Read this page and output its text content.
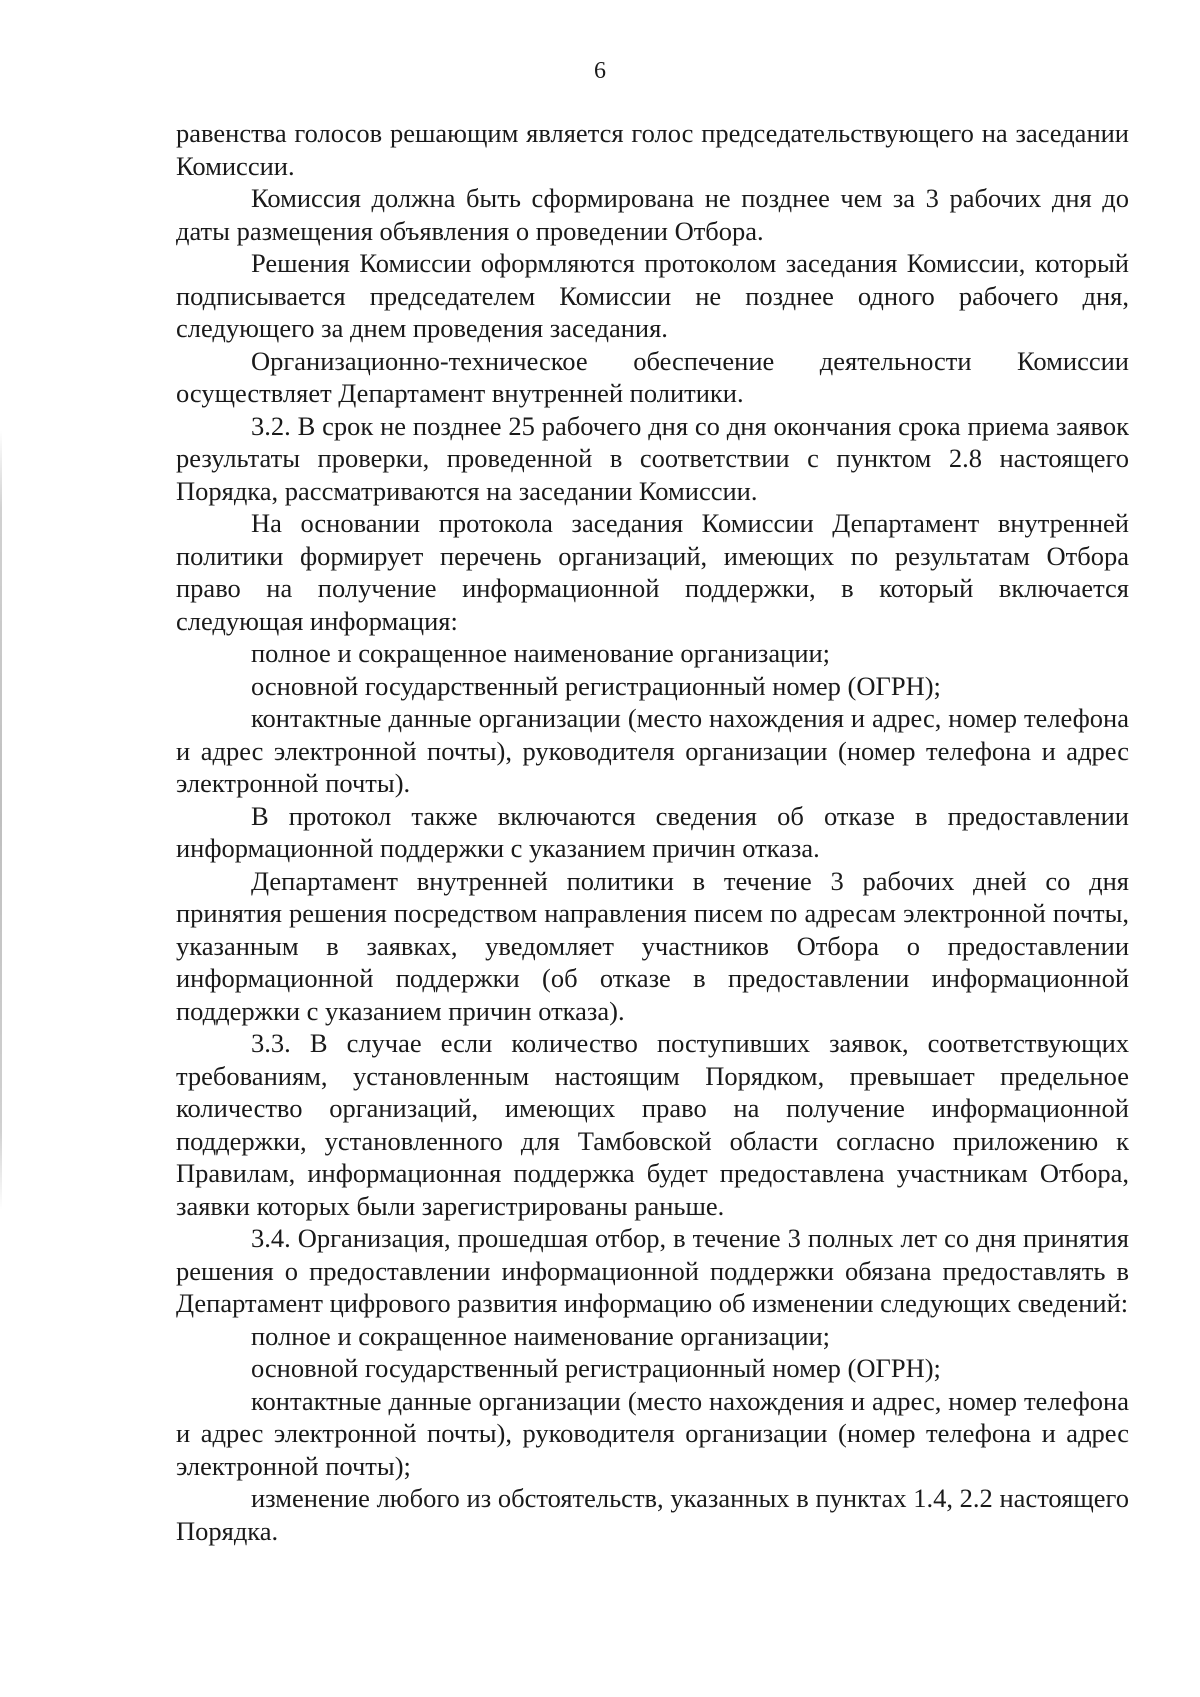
6

равенства голосов решающим является голос председательствующего на заседании Комиссии.

Комиссия должна быть сформирована не позднее чем за 3 рабочих дня до даты размещения объявления о проведении Отбора.

Решения Комиссии оформляются протоколом заседания Комиссии, который подписывается председателем Комиссии не позднее одного рабочего дня, следующего за днем проведения заседания.

Организационно-техническое обеспечение деятельности Комиссии осуществляет Департамент внутренней политики.

3.2. В срок не позднее 25 рабочего дня со дня окончания срока приема заявок результаты проверки, проведенной в соответствии с пунктом 2.8 настоящего Порядка, рассматриваются на заседании Комиссии.

На основании протокола заседания Комиссии Департамент внутренней политики формирует перечень организаций, имеющих по результатам Отбора право на получение информационной поддержки, в который включается следующая информация:

полное и сокращенное наименование организации;

основной государственный регистрационный номер (ОГРН);

контактные данные организации (место нахождения и адрес, номер телефона и адрес электронной почты), руководителя организации (номер телефона и адрес электронной почты).

В протокол также включаются сведения об отказе в предоставлении информационной поддержки с указанием причин отказа.

Департамент внутренней политики в течение 3 рабочих дней со дня принятия решения посредством направления писем по адресам электронной почты, указанным в заявках, уведомляет участников Отбора о предоставлении информационной поддержки (об отказе в предоставлении информационной поддержки с указанием причин отказа).

3.3. В случае если количество поступивших заявок, соответствующих требованиям, установленным настоящим Порядком, превышает предельное количество организаций, имеющих право на получение информационной поддержки, установленного для Тамбовской области согласно приложению к Правилам, информационная поддержка будет предоставлена участникам Отбора, заявки которых были зарегистрированы раньше.

3.4. Организация, прошедшая отбор, в течение 3 полных лет со дня принятия решения о предоставлении информационной поддержки обязана предоставлять в Департамент цифрового развития информацию об изменении следующих сведений:

полное и сокращенное наименование организации;

основной государственный регистрационный номер (ОГРН);

контактные данные организации (место нахождения и адрес, номер телефона и адрес электронной почты), руководителя организации (номер телефона и адрес электронной почты);

изменение любого из обстоятельств, указанных в пунктах 1.4, 2.2 настоящего Порядка.
